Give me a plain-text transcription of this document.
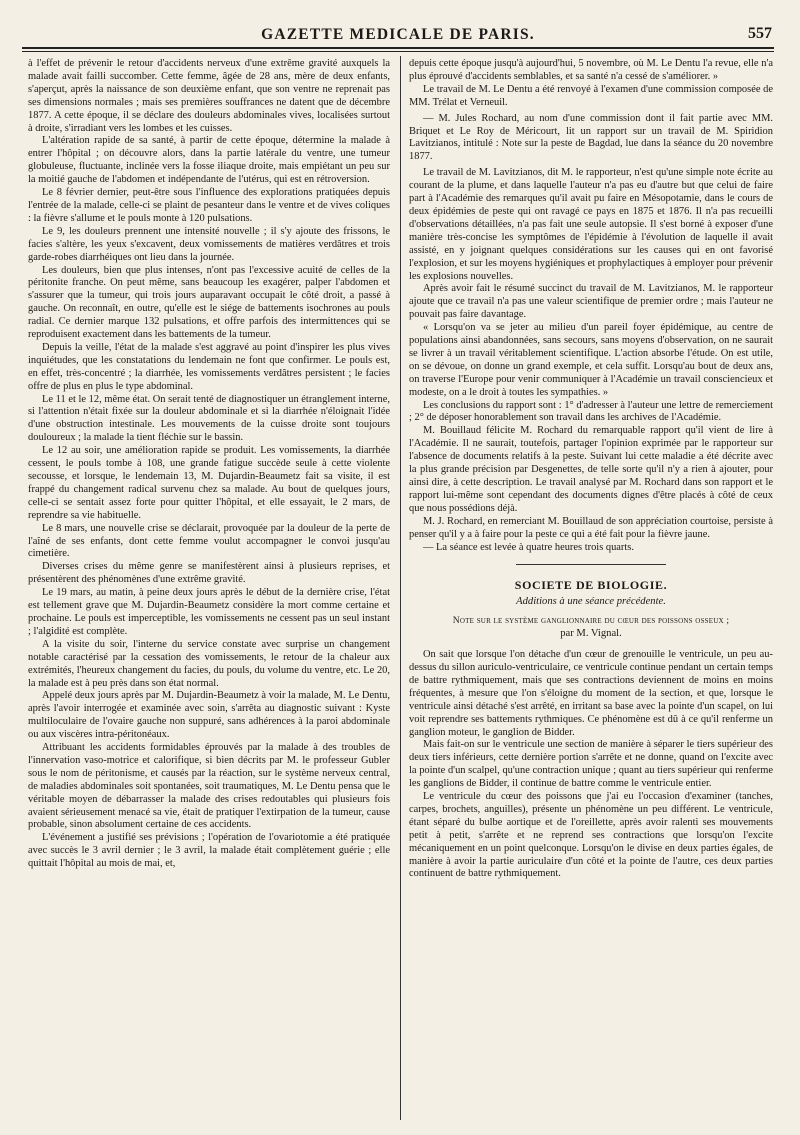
GAZETTE MEDICALE DE PARIS.	557

à l'effet de prévenir le retour d'accidents nerveux d'une extrême gravité auxquels la malade avait failli succomber. Cette femme, âgée de 28 ans, mère de deux enfants, s'aperçut, après la naissance de son deuxième enfant, que son ventre ne reprenait pas ses dimensions normales ; mais ses premières souffrances ne datent que de décembre 1877. A cette époque, il se déclare des douleurs abdominales vives, localisées surtout à droite, s'irradiant vers les lombes et les cuisses.

L'altération rapide de sa santé, à partir de cette époque, détermine la malade à entrer l'hôpital ; on découvre alors, dans la partie latérale du ventre, une tumeur globuleuse, fluctuante, inclinée vers la fosse iliaque droite, mais empiétant un peu sur la moitié gauche de l'abdomen et indépendante de l'utérus, qui est en rétroversion.

Le 8 février dernier, peut-être sous l'influence des explorations pratiquées depuis l'entrée de la malade, celle-ci se plaint de pesanteur dans le ventre et de vives coliques : la fièvre s'allume et le pouls monte à 120 pulsations.

Le 9, les douleurs prennent une intensité nouvelle ; il s'y ajoute des frissons, le facies s'altère, les yeux s'excavent, deux vomissements de matières verdâtres et trois garde-robes diarrhéiques ont lieu dans la journée.

Les douleurs, bien que plus intenses, n'ont pas l'excessive acuité de celles de la péritonite franche. On peut même, sans beaucoup les exagérer, palper l'abdomen et s'assurer que la tumeur, qui trois jours auparavant occupait le côté droit, a passé à gauche. On reconnaît, en outre, qu'elle est le siége de battements isochrones au pouls radial. Ce dernier marque 132 pulsations, et offre parfois des intermittences qui se reproduisent exactement dans les battements de la tumeur.

Depuis la veille, l'état de la malade s'est aggravé au point d'inspirer les plus vives inquiétudes, que les constatations du lendemain ne font que confirmer. Le pouls est, en effet, très-concentré ; la diarrhée, les vomissements verdâtres persistent ; le facies offre de plus en plus le type abdominal.

Le 11 et le 12, même état. On serait tenté de diagnostiquer un étranglement interne, si l'attention n'était fixée sur la douleur abdominale et si la diarrhée n'éloignait l'idée d'une obstruction intestinale. Les mouvements de la cuisse droite sont toujours douloureux ; la malade la tient fléchie sur le bassin.

Le 12 au soir, une amélioration rapide se produit. Les vomissements, la diarrhée cessent, le pouls tombe à 108, une grande fatigue succède seule à cette violente secousse, et lorsque, le lendemain 13, M. Dujardin-Beaumetz fait sa visite, il est frappé du changement radical survenu chez sa malade. Au bout de quelques jours, celle-ci se sentait assez forte pour quitter l'hôpital, et elle essayait, le 2 mars, de reprendre sa vie habituelle.

Le 8 mars, une nouvelle crise se déclarait, provoquée par la douleur de la perte de l'aîné de ses enfants, dont cette femme voulut accompagner le convoi jusqu'au cimetière.

Diverses crises du même genre se manifestèrent ainsi à plusieurs reprises, et présentèrent des phénomènes d'une extrême gravité.

Le 19 mars, au matin, à peine deux jours après le début de la dernière crise, l'état est tellement grave que M. Dujardin-Beaumetz considère la mort comme certaine et prochaine. Le pouls est imperceptible, les vomissements ne cessent pas un seul instant ; l'algidité est complète.

A la visite du soir, l'interne du service constate avec surprise un changement notable caractérisé par la cessation des vomissements, le retour de la chaleur aux extrémités, l'heureux changement du facies, du pouls, du volume du ventre, etc. Le 20, la malade est à peu près dans son état normal.

Appelé deux jours après par M. Dujardin-Beaumetz à voir la malade, M. Le Dentu, après l'avoir interrogée et examinée avec soin, s'arrêta au diagnostic suivant : Kyste multiloculaire de l'ovaire gauche non suppuré, sans adhérences à la paroi abdominale ou aux viscères intra-péritonéaux.

Attribuant les accidents formidables éprouvés par la malade à des troubles de l'innervation vaso-motrice et calorifique, si bien décrits par M. le professeur Gubler sous le nom de péritonisme, et causés par la réaction, sur le système nerveux central, de maladies abdominales soit spontanées, soit traumatiques, M. Le Dentu pensa que le véritable moyen de débarrasser la malade des crises redoutables qui plusieurs fois avaient sérieusement menacé sa vie, était de pratiquer l'extirpation de la tumeur, cause probable, sinon absolument certaine de ces accidents.

L'événement a justifié ses prévisions ; l'opération de l'ovariotomie a été pratiquée avec succès le 3 avril dernier ; le 3 avril, la malade était complètement guérie ; elle quittait l'hôpital au mois de mai, et,

depuis cette époque jusqu'à aujourd'hui, 5 novembre, où M. Le Dentu l'a revue, elle n'a plus éprouvé d'accidents semblables, et sa santé n'a cessé de s'améliorer. »

Le travail de M. Le Dentu a été renvoyé à l'examen d'une commission composée de MM. Trélat et Verneuil.

— M. Jules Rochard, au nom d'une commission dont il fait partie avec MM. Briquet et Le Roy de Méricourt, lit un rapport sur un travail de M. Spiridion Lavitzianos, intitulé : Note sur la peste de Bagdad, lue dans la séance du 20 novembre 1877.

Le travail de M. Lavitzianos, dit M. le rapporteur, n'est qu'une simple note écrite au courant de la plume, et dans laquelle l'auteur n'a pas eu d'autre but que celui de faire part à l'Académie des remarques qu'il avait pu faire en Mésopotamie, dans le cours de deux épidémies de peste qui ont ravagé ce pays en 1875 et 1876. Il n'a pas recueilli d'observations détaillées, n'a pas fait une seule autopsie. Il s'est borné à exposer d'une manière très-concise les symptômes de l'épidémie à l'évolution de laquelle il avait assisté, en y joignant quelques considérations sur les causes qui en ont favorisé l'explosion, et sur les moyens hygiéniques et prophylactiques à employer pour prévenir les explosions nouvelles.

Après avoir fait le résumé succinct du travail de M. Lavitzianos, M. le rapporteur ajoute que ce travail n'a pas une valeur scientifique de premier ordre ; mais l'auteur ne pouvait pas faire davantage.

« Lorsqu'on va se jeter au milieu d'un pareil foyer épidémique, au centre de populations ainsi abandonnées, sans secours, sans moyens d'observation, on ne saurait se livrer à un travail véritablement scientifique. L'action absorbe l'étude. On est utile, on se dévoue, on donne un grand exemple, et cela suffit. Lorsqu'au bout de deux ans, on traverse l'Europe pour venir communiquer à l'Académie un travail consciencieux et modeste, on a le droit à toutes les sympathies. »

Les conclusions du rapport sont : 1° d'adresser à l'auteur une lettre de remerciement ; 2° de déposer honorablement son travail dans les archives de l'Académie.

M. Bouillaud félicite M. Rochard du remarquable rapport qu'il vient de lire à l'Académie. Il ne saurait, toutefois, partager l'opinion exprimée par le rapporteur sur l'absence de documents relatifs à la peste. Suivant lui cette maladie a été décrite avec la plus grande précision par Desgenettes, de telle sorte qu'il n'y a rien à ajouter, pour ainsi dire, à cette description. Le travail analysé par M. Rochard dans son rapport et le rapport lui-même sont cependant des documents dignes d'être placés à côté de ceux que nous possédions déjà.

M. J. Rochard, en remerciant M. Bouillaud de son appréciation courtoise, persiste à penser qu'il y a à faire pour la peste ce qui a été fait pour la fièvre jaune.

— La séance est levée à quatre heures trois quarts.

SOCIETE DE BIOLOGIE.
Additions à une séance précédente.
Note sur le système ganglionnaire du cœur des poissons osseux ;
par M. Vignal.

On sait que lorsque l'on détache d'un cœur de grenouille le ventricule, un peu au-dessus du sillon auriculo-ventriculaire, ce ventricule continue pendant un certain temps de battre rythmiquement, mais que ses contractions deviennent de moins en moins fréquentes, à mesure que l'on s'éloigne du moment de la section, et que, lorsque le ventricule ainsi détaché s'est arrêté, en irritant sa base avec la pointe d'un scapel, on lui voit reprendre ses battements rythmiques. Ce phénomène est dû à ce qu'il renferme un ganglion moteur, le ganglion de Bidder.

Mais fait-on sur le ventricule une section de manière à séparer le tiers supérieur des deux tiers inférieurs, cette dernière portion s'arrête et ne donne, quand on l'excite avec la pointe d'un scalpel, qu'une contraction unique ; quant au tiers supérieur qui renferme les ganglions de Bidder, il continue de battre comme le ventricule entier.

Le ventricule du cœur des poissons que j'ai eu l'occasion d'examiner (tanches, carpes, brochets, anguilles), présente un phénomène un peu différent. Le ventricule, étant séparé du bulbe aortique et de l'oreillette, après avoir ralenti ses mouvements petit à petit, s'arrête et ne reprend ses contractions que lorsqu'on l'excite mécaniquement en un point quelconque. Lorsqu'on le divise en deux parties égales, de manière à avoir la partie auriculaire d'un côté et la pointe de l'autre, ces deux parties continuent de battre rythmiquement.
